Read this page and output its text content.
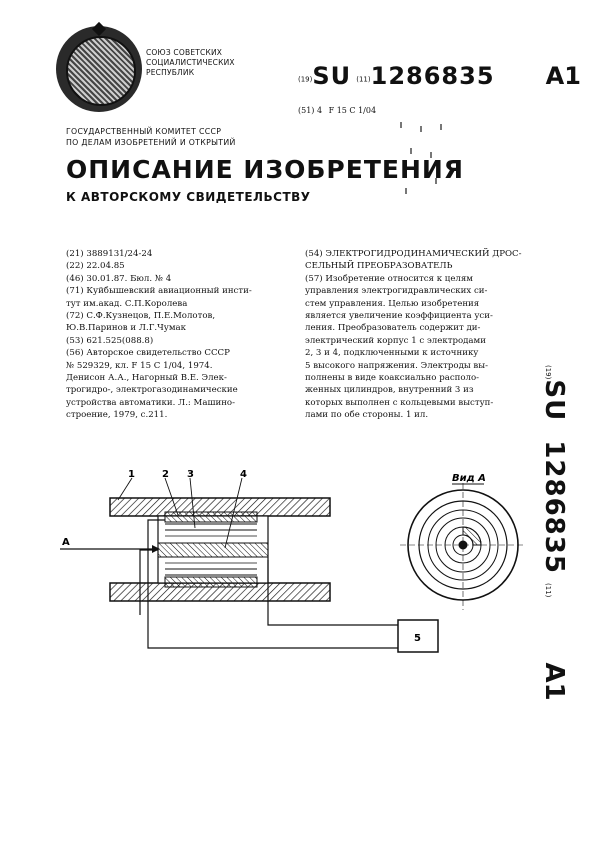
СОЮЗ СОВЕТСКИХ
СОЦИАЛИСТИЧЕСКИХ
РЕСПУБЛИК
(19)SU (11)1286835 A1
(51) 4 F 15 C 1/04
ГОСУДАРСТВЕННЫЙ КОМИТЕТ СССР
ПО ДЕЛАМ ИЗОБРЕТЕНИЙ И ОТКРЫТИЙ
ОПИСАНИЕ ИЗОБРЕТЕНИЯ
К АВТОРСКОМУ СВИДЕТЕЛЬСТВУ
(21) 3889131/24-24
(22) 22.04.85
(46) 30.01.87. Бюл. № 4
(71) Куйбышевский авиационный инсти-
тут им.акад. С.П.Королева
(72) С.Ф.Кузнецов, П.Е.Молотов,
Ю.В.Паринов и Л.Г.Чумак
(53) 621.525(088.8)
(56) Авторское свидетельство СССР
№ 529329, кл. F 15 C 1/04, 1974.
Денисон А.А., Нагорный В.Е. Элек-
трогидро-, электрогазодинамические
устройства автоматики. Л.: Машино-
строение, 1979, с.211.

(54) ЭЛЕКТРОГИДРОДИНАМИЧЕСКИЙ ДРОС-

СЕЛЬНЫЙ ПРЕОБРАЗОВАТЕЛЬ

(57) Изобретение относится к целям

управления электрогидравлических си-

стем управления. Целью изобретения

является увеличение коэффициента уси-

ления. Преобразователь содержит ди-

электрический корпус 1 с электродами

2, 3 и 4, подключенными к источнику

5 высокого напряжения. Электроды вы-

полнены в виде коаксиально располо-

женных цилиндров, внутренний 3 из

которых выполнен с кольцевыми выступ-

лами по обе стороны. 1 ил.

(19)SU 1286835 (11) A1
1	2 3	4
5
A
Вид А
